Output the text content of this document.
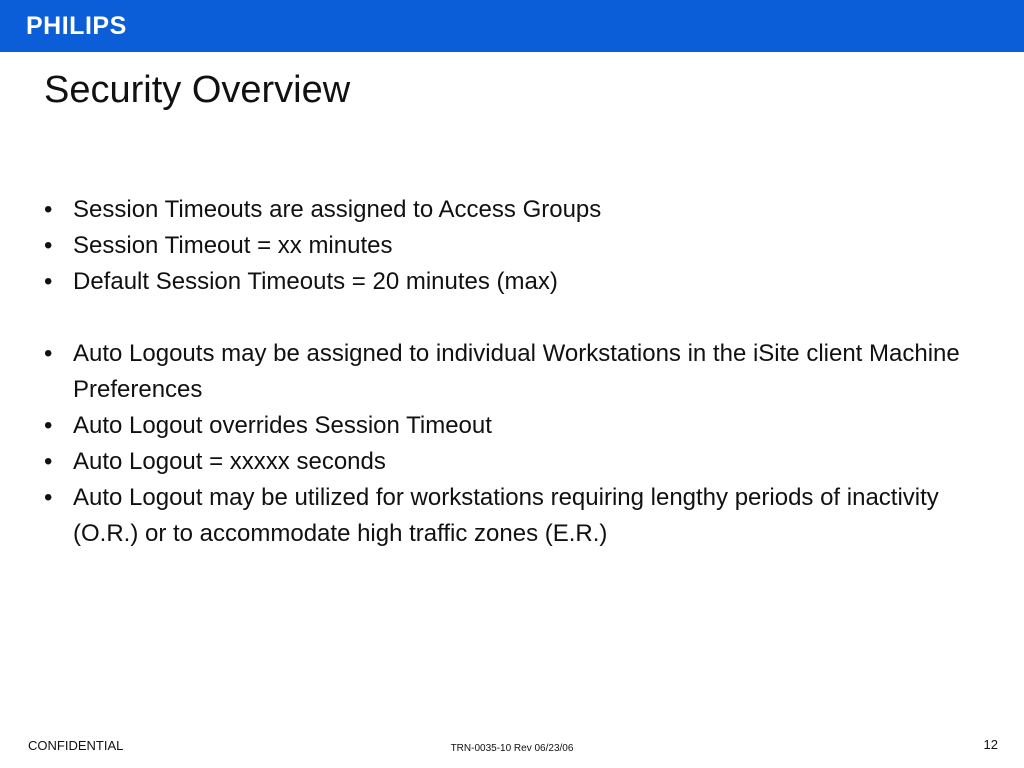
PHILIPS
Security Overview
• Session Timeouts are assigned to Access Groups
• Session Timeout = xx minutes
• Default Session Timeouts = 20 minutes (max)
• Auto Logouts may be assigned to individual Workstations in the iSite client Machine Preferences
• Auto Logout overrides Session Timeout
• Auto Logout = xxxxx seconds
• Auto Logout may be utilized for workstations requiring lengthy periods of inactivity (O.R.) or to accommodate high traffic zones (E.R.)
CONFIDENTIAL	TRN-0035-10 Rev 06/23/06	12
